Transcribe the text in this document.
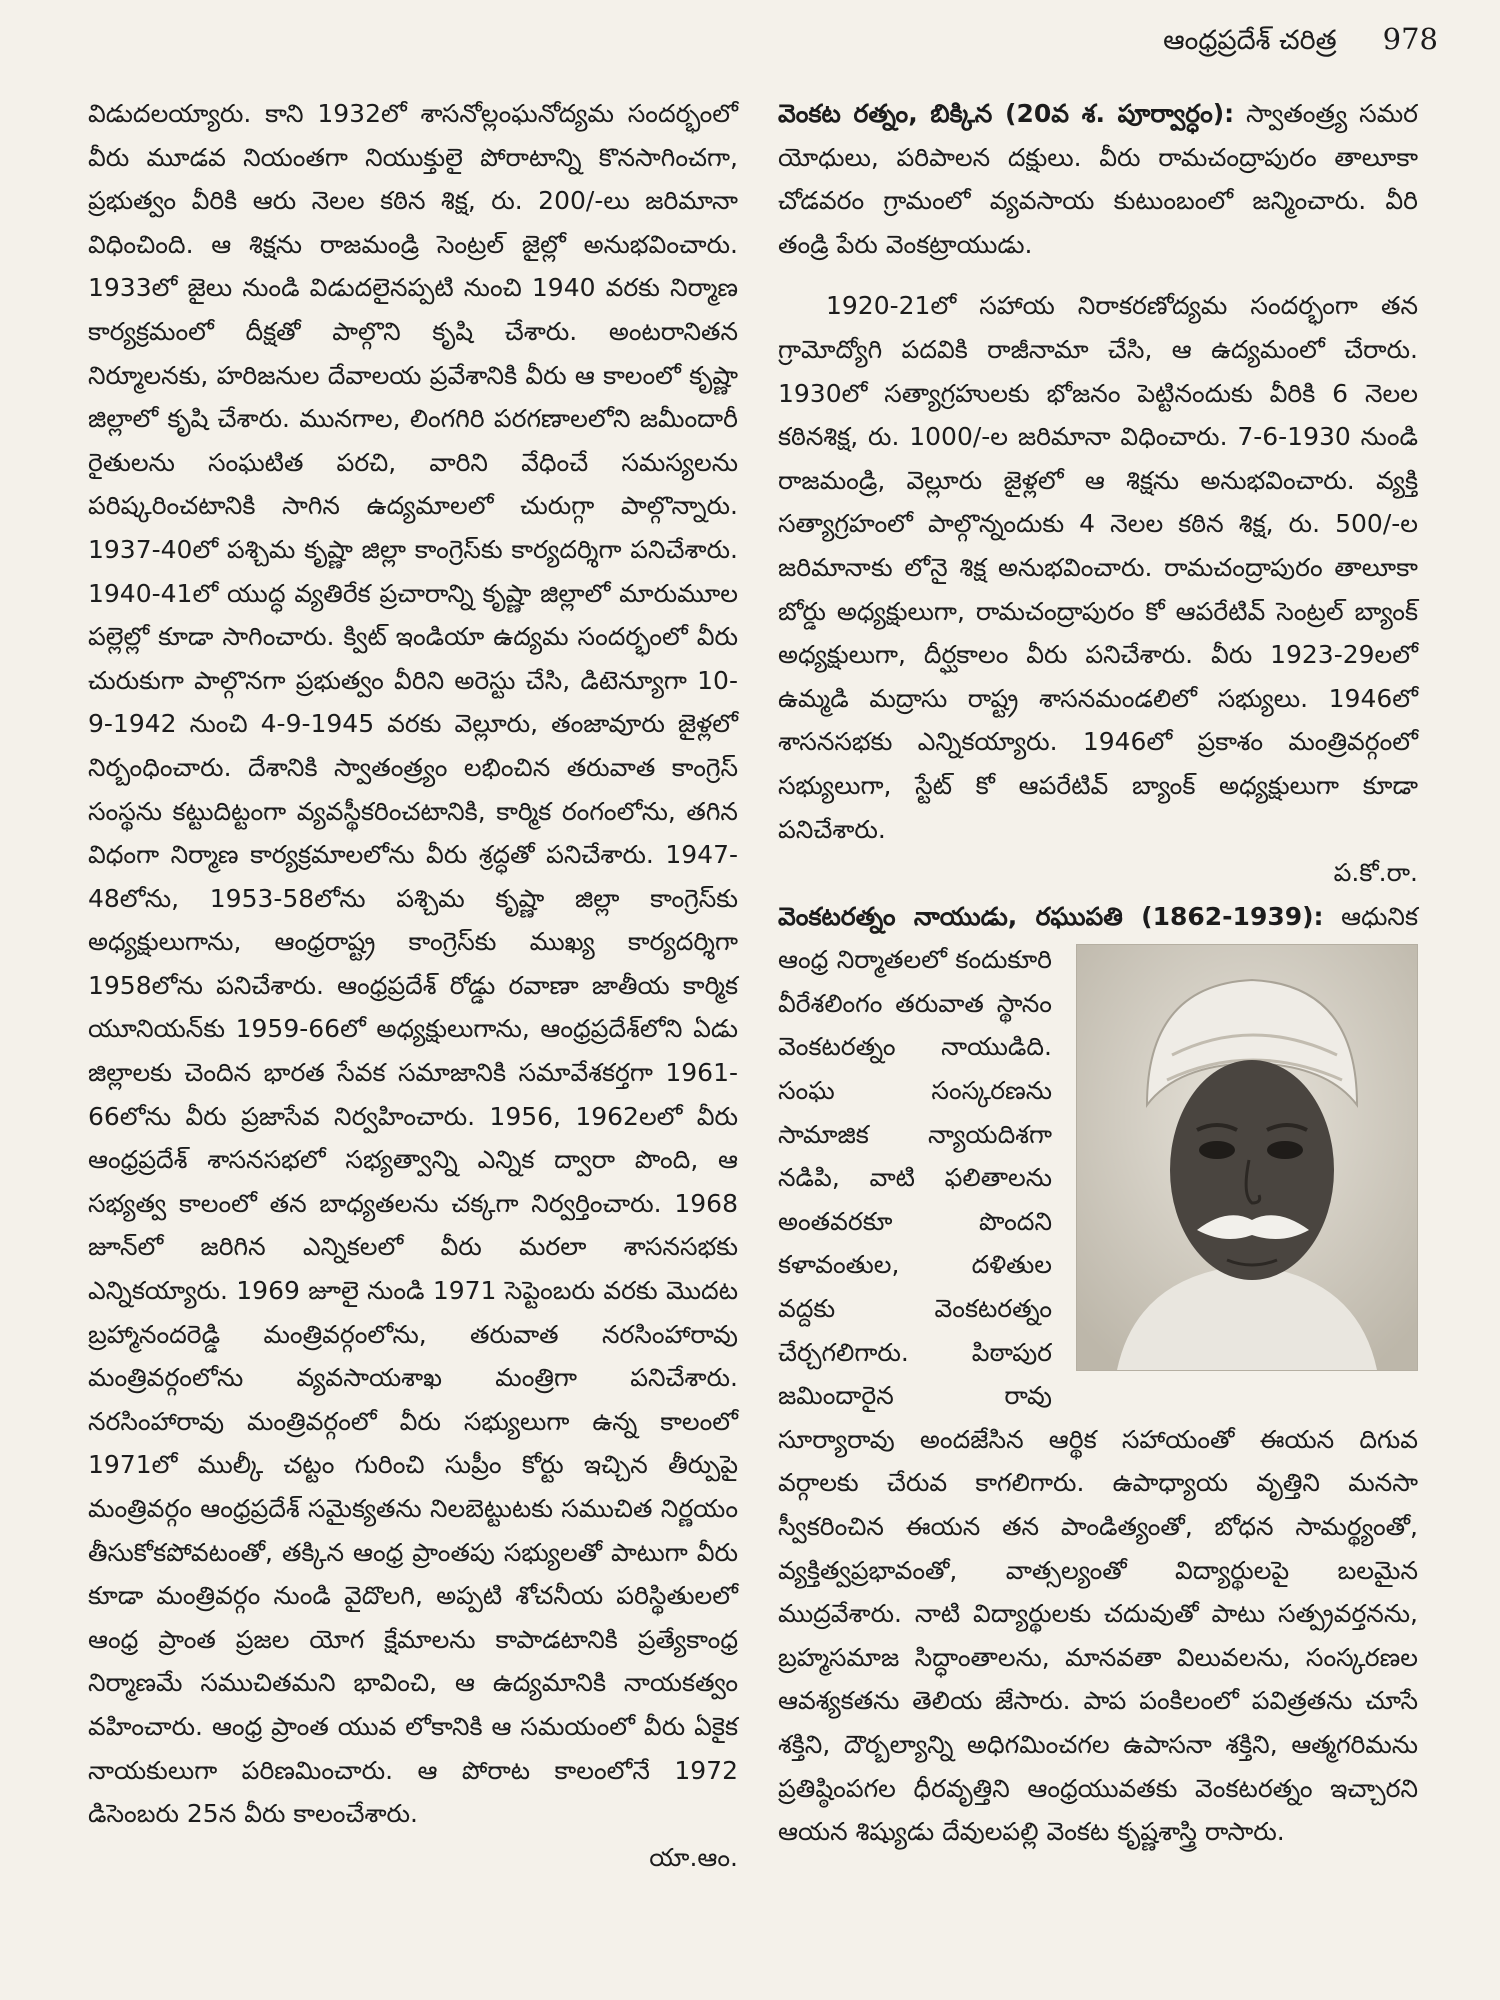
ఆంధ్రప్రదేశ్ చరిత్ర 978

విడుదలయ్యారు. కాని 1932లో శాసనోల్లంఘనోద్యమ సందర్భంలో వీరు మూడవ నియంతగా నియుక్తులై పోరాటాన్ని కొనసాగించగా, ప్రభుత్వం వీరికి ఆరు నెలల కఠిన శిక్ష, రు. 200/-లు జరిమానా విధించింది. ఆ శిక్షను రాజమండ్రి సెంట్రల్ జైల్లో అనుభవించారు. 1933లో జైలు నుండి విడుదలైనప్పటి నుంచి 1940 వరకు నిర్మాణ కార్యక్రమంలో దీక్షతో పాల్గొని కృషి చేశారు. అంటరానితన నిర్మూలనకు, హరిజనుల దేవాలయ ప్రవేశానికి వీరు ఆ కాలంలో కృష్ణా జిల్లాలో కృషి చేశారు. మునగాల, లింగగిరి పరగణాలలోని జమీందారీ రైతులను సంఘటిత పరచి, వారిని వేధించే సమస్యలను పరిష్కరించటానికి సాగిన ఉద్యమాలలో చురుగ్గా పాల్గొన్నారు. 1937-40లో పశ్చిమ కృష్ణా జిల్లా కాంగ్రెస్‌కు కార్యదర్శిగా పనిచేశారు. 1940-41లో యుద్ధ వ్యతిరేక ప్రచారాన్ని కృష్ణా జిల్లాలో మారుమూల పల్లెల్లో కూడా సాగించారు. క్విట్ ఇండియా ఉద్యమ సందర్భంలో వీరు చురుకుగా పాల్గొనగా ప్రభుత్వం వీరిని అరెస్టు చేసి, డిటెన్యూగా 10-9-1942 నుంచి 4-9-1945 వరకు వెల్లూరు, తంజావూరు జైళ్లలో నిర్బంధించారు. దేశానికి స్వాతంత్ర్యం లభించిన తరువాత కాంగ్రెస్ సంస్థను కట్టుదిట్టంగా వ్యవస్థీకరించటానికి, కార్మిక రంగంలోను, తగిన విధంగా నిర్మాణ కార్యక్రమాలలోను వీరు శ్రద్ధతో పనిచేశారు. 1947-48లోను, 1953-58లోను పశ్చిమ కృష్ణా జిల్లా కాంగ్రెస్‌కు అధ్యక్షులుగాను, ఆంధ్రరాష్ట్ర కాంగ్రెస్‌కు ముఖ్య కార్యదర్శిగా 1958లోను పనిచేశారు. ఆంధ్రప్రదేశ్ రోడ్డు రవాణా జాతీయ కార్మిక యూనియన్‌కు 1959-66లో అధ్యక్షులుగాను, ఆంధ్రప్రదేశ్‌లోని ఏడు జిల్లాలకు చెందిన భారత సేవక సమాజానికి సమావేశకర్తగా 1961-66లోను వీరు ప్రజాసేవ నిర్వహించారు. 1956, 1962లలో వీరు ఆంధ్రప్రదేశ్ శాసనసభలో సభ్యత్వాన్ని ఎన్నిక ద్వారా పొంది, ఆ సభ్యత్వ కాలంలో తన బాధ్యతలను చక్కగా నిర్వర్తించారు. 1968 జూన్‌లో జరిగిన ఎన్నికలలో వీరు మరలా శాసనసభకు ఎన్నికయ్యారు. 1969 జూలై నుండి 1971 సెప్టెంబరు వరకు మొదట బ్రహ్మానందరెడ్డి మంత్రివర్గంలోను, తరువాత నరసింహారావు మంత్రివర్గంలోను వ్యవసాయశాఖ మంత్రిగా పనిచేశారు. నరసింహారావు మంత్రివర్గంలో వీరు సభ్యులుగా ఉన్న కాలంలో 1971లో ముల్కీ చట్టం గురించి సుప్రీం కోర్టు ఇచ్చిన తీర్పుపై మంత్రివర్గం ఆంధ్రప్రదేశ్ సమైక్యతను నిలబెట్టుటకు సముచిత నిర్ణయం తీసుకోకపోవటంతో, తక్కిన ఆంధ్ర ప్రాంతపు సభ్యులతో పాటుగా వీరు కూడా మంత్రివర్గం నుండి వైదొలగి, అప్పటి శోచనీయ పరిస్థితులలో ఆంధ్ర ప్రాంత ప్రజల యోగ క్షేమాలను కాపాడటానికి ప్రత్యేకాంధ్ర నిర్మాణమే సముచితమని భావించి, ఆ ఉద్యమానికి నాయకత్వం వహించారు. ఆంధ్ర ప్రాంత యువ లోకానికి ఆ సమయంలో వీరు ఏకైక నాయకులుగా పరిణమించారు. ఆ పోరాట కాలంలోనే 1972 డిసెంబరు 25న వీరు కాలంచేశారు.

యా.ఆం.

వెంకట రత్నం, బిక్కిన (20వ శ. పూర్వార్ధం): స్వాతంత్ర్య సమర యోధులు, పరిపాలన దక్షులు. వీరు రామచంద్రాపురం తాలూకా చోడవరం గ్రామంలో వ్యవసాయ కుటుంబంలో జన్మించారు. వీరి తండ్రి పేరు వెంకట్రాయుడు.

1920-21లో సహాయ నిరాకరణోద్యమ సందర్భంగా తన గ్రామోద్యోగి పదవికి రాజీనామా చేసి, ఆ ఉద్యమంలో చేరారు. 1930లో సత్యాగ్రహులకు భోజనం పెట్టినందుకు వీరికి 6 నెలల కఠినశిక్ష, రు. 1000/-ల జరిమానా విధించారు. 7-6-1930 నుండి రాజమండ్రి, వెల్లూరు జైళ్లలో ఆ శిక్షను అనుభవించారు. వ్యక్తి సత్యాగ్రహంలో పాల్గొన్నందుకు 4 నెలల కఠిన శిక్ష, రు. 500/-ల జరిమానాకు లోనై శిక్ష అనుభవించారు. రామచంద్రాపురం తాలూకా బోర్డు అధ్యక్షులుగా, రామచంద్రాపురం కో ఆపరేటివ్ సెంట్రల్ బ్యాంక్ అధ్యక్షులుగా, దీర్ఘకాలం వీరు పనిచేశారు. వీరు 1923-29లలో ఉమ్మడి మద్రాసు రాష్ట్ర శాసనమండలిలో సభ్యులు. 1946లో శాసనసభకు ఎన్నికయ్యారు. 1946లో ప్రకాశం మంత్రివర్గంలో సభ్యులుగా, స్టేట్ కో ఆపరేటివ్ బ్యాంక్ అధ్యక్షులుగా కూడా పనిచేశారు.

ప.కో.రా.

వెంకటరత్నం నాయుడు, రఘుపతి (1862-1939):
ఆధునిక ఆంధ్ర నిర్మాతలలో కందుకూరి వీరేశలింగం తరువాత స్థానం వెంకటరత్నం నాయుడిది. సంఘ సంస్కరణను సామాజిక న్యాయదిశగా నడిపి, వాటి ఫలితాలను అంతవరకూ పొందని కళావంతుల, దళితుల వద్దకు వెంకటరత్నం చేర్చగలిగారు. పిఠాపుర జమిందారైన రావు సూర్యారావు అందజేసిన ఆర్థిక సహాయంతో ఈయన దిగువ వర్గాలకు చేరువ కాగలిగారు. ఉపాధ్యాయ వృత్తిని మనసా స్వీకరించిన ఈయన తన పాండిత్యంతో, బోధన సామర్థ్యంతో, వ్యక్తిత్వప్రభావంతో, వాత్సల్యంతో విద్యార్థులపై బలమైన ముద్రవేశారు. నాటి విద్యార్థులకు చదువుతో పాటు సత్ప్రవర్తనను, బ్రహ్మసమాజ సిద్ధాంతాలను, మానవతా విలువలను, సంస్కరణల ఆవశ్యకతను తెలియ జేసారు. పాప పంకిలంలో పవిత్రతను చూసే శక్తిని, దౌర్బల్యాన్ని అధిగమించగల ఉపాసనా శక్తిని, ఆత్మగరిమను ప్రతిష్ఠింపగల ధీరవృత్తిని ఆంధ్రయువతకు వెంకటరత్నం ఇచ్చారని ఆయన శిష్యుడు దేవులపల్లి వెంకట కృష్ణశాస్త్రి రాసారు.
